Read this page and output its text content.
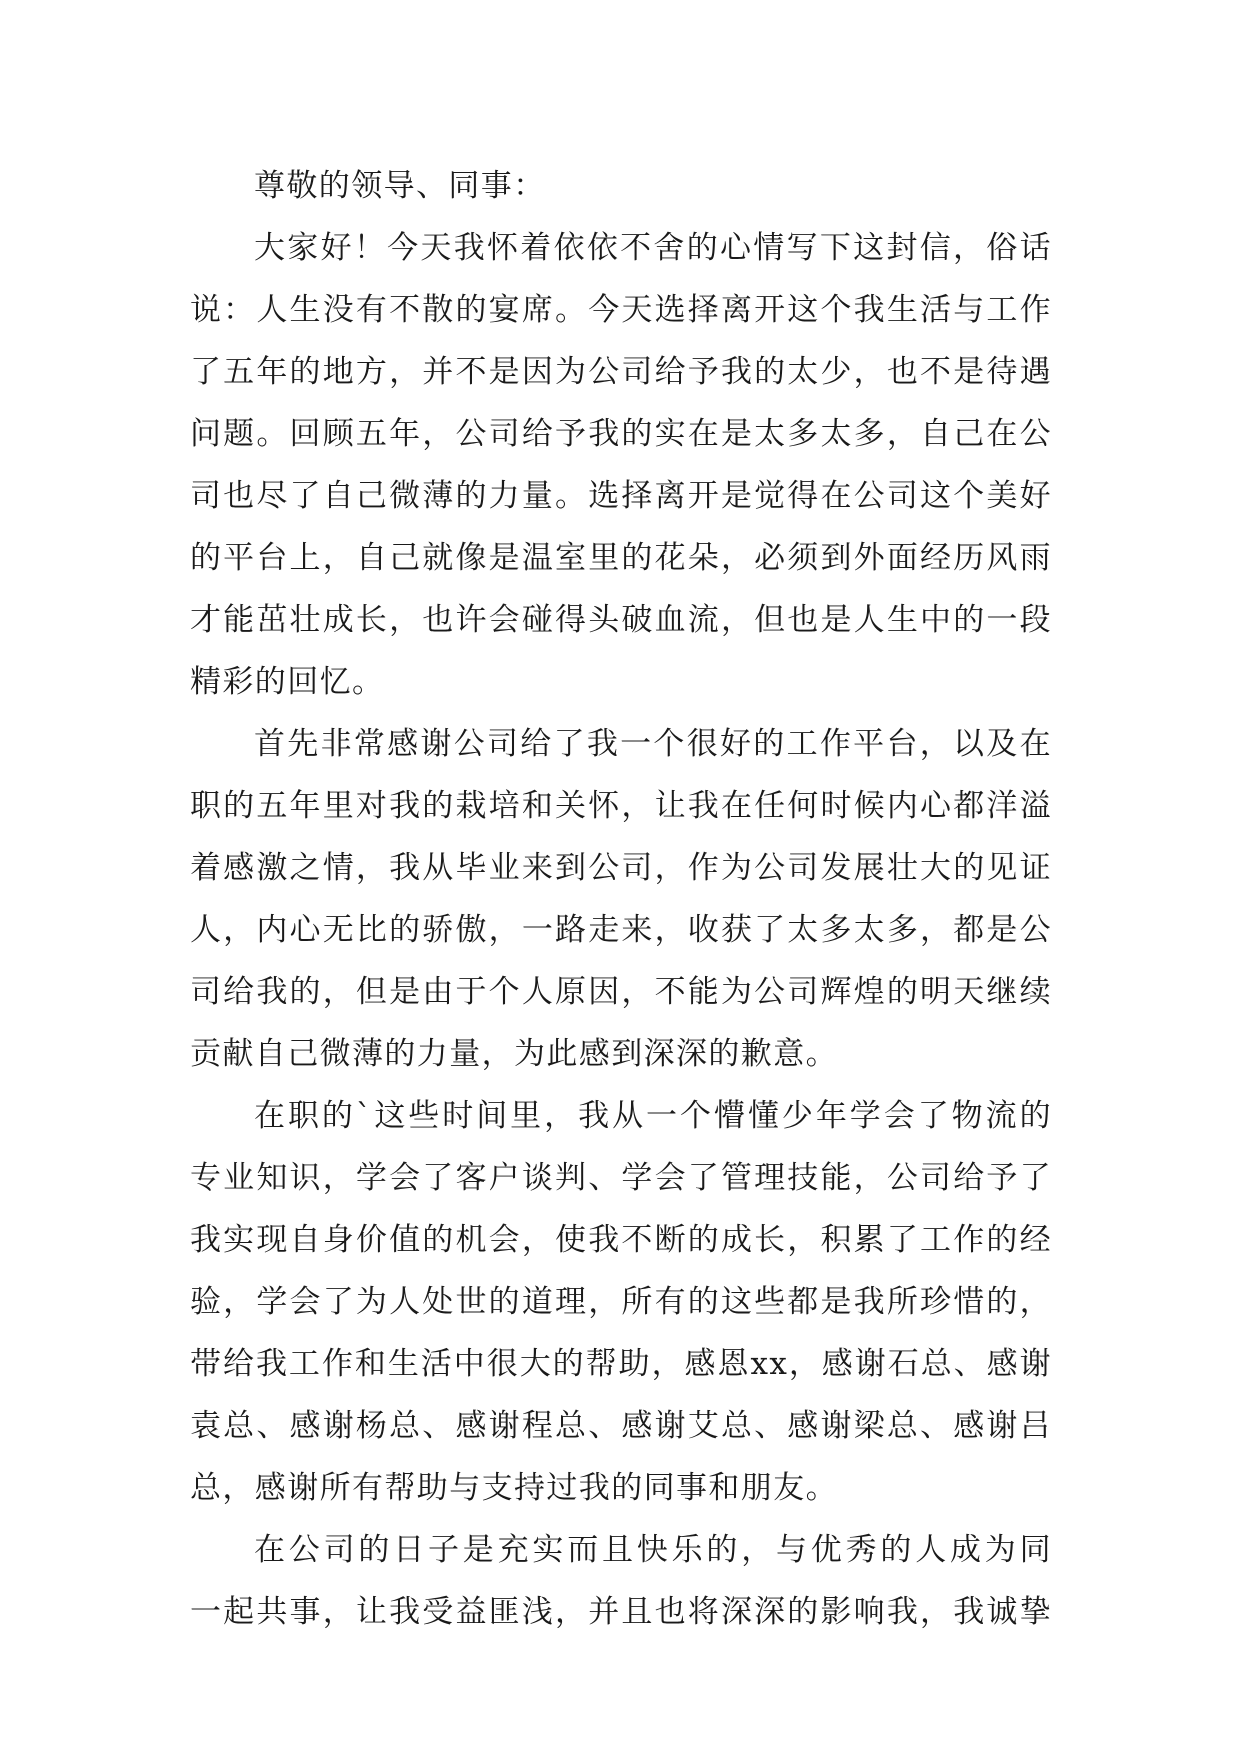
尊敬的领导、同事：
大家好！今天我怀着依依不舍的心情写下这封信，俗话
说：人生没有不散的宴席。今天选择离开这个我生活与工作
了五年的地方，并不是因为公司给予我的太少，也不是待遇
问题。回顾五年，公司给予我的实在是太多太多，自己在公
司也尽了自己微薄的力量。选择离开是觉得在公司这个美好
的平台上，自己就像是温室里的花朵，必须到外面经历风雨
才能茁壮成长，也许会碰得头破血流，但也是人生中的一段
精彩的回忆。
首先非常感谢公司给了我一个很好的工作平台，以及在
职的五年里对我的栽培和关怀，让我在任何时候内心都洋溢
着感激之情，我从毕业来到公司，作为公司发展壮大的见证
人，内心无比的骄傲，一路走来，收获了太多太多，都是公
司给我的，但是由于个人原因，不能为公司辉煌的明天继续
贡献自己微薄的力量，为此感到深深的歉意。
在职的`这些时间里，我从一个懵懂少年学会了物流的
专业知识，学会了客户谈判、学会了管理技能，公司给予了
我实现自身价值的机会，使我不断的成长，积累了工作的经
验，学会了为人处世的道理，所有的这些都是我所珍惜的，
带给我工作和生活中很大的帮助，感恩xx，感谢石总、感谢
袁总、感谢杨总、感谢程总、感谢艾总、感谢梁总、感谢吕
总，感谢所有帮助与支持过我的同事和朋友。
在公司的日子是充实而且快乐的，与优秀的人成为同
一起共事，让我受益匪浅，并且也将深深的影响我，我诚挚
